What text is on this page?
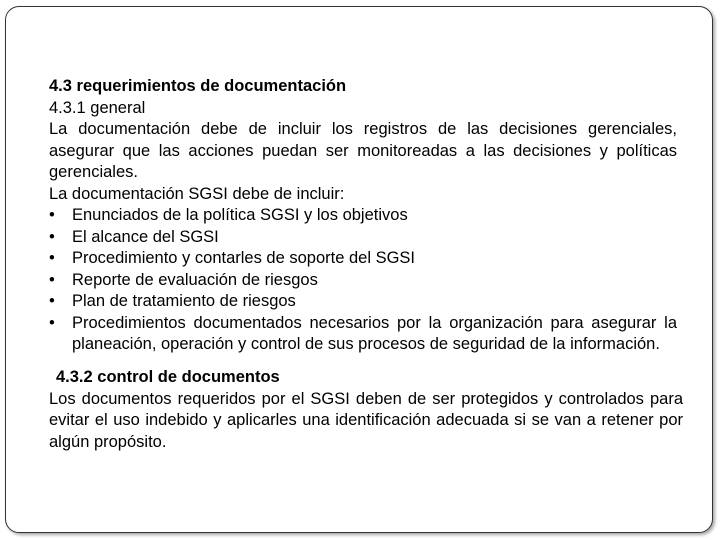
4.3 requerimientos de documentación

4.3.1 general

La documentación debe de incluir los registros de las decisiones gerenciales, asegurar que las acciones puedan ser monitoreadas a las decisiones y políticas gerenciales.

La documentación SGSI debe de incluir:

• Enunciados de la política SGSI y los objetivos
• El alcance del SGSI
• Procedimiento y contarles de soporte del SGSI
• Reporte de evaluación de riesgos
• Plan de tratamiento de riesgos
• Procedimientos documentados necesarios por la organización para asegurar la planeación, operación y control de sus procesos de seguridad de la información.

4.3.2 control de documentos

Los documentos requeridos por el SGSI deben de ser protegidos y controlados para evitar el uso indebido y aplicarles una identificación adecuada si se van a retener por algún propósito.
